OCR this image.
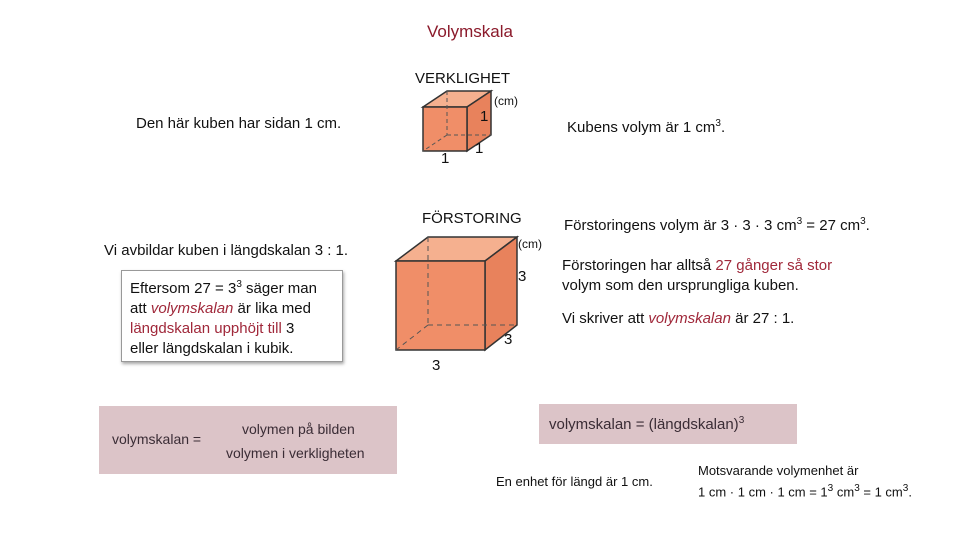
Volymskala
VERKLIGHET
(cm)
1
1
1
Den här kuben har sidan 1 cm.	Kubens volym är 1 $cm^3$.
FÖRSTORING
(cm)
3
3
3
Vi avbildar kuben i längdskalan 3 : 1.
Förstoringens volym är 3 · 3 · 3 $cm^3 = 27$ $cm^3$.
Förstoringen har alltså 27 gånger så stor
volym som den ursprungliga kuben.
Vi skriver att volymskalan är 27 : 1.
Eftersom $27 = 3^3$ säger man
att volymskalan är lika med
längdskalan upphöjt till 3
eller längdskalan i kubik.
volymskalan =
volymen på bilden
volymen i verkligheten
volymskalan = (längdskalan)$^3$
En enhet för längd är 1 cm.
Motsvarande volymenhet är
1 cm · 1 cm · 1 cm = $1^3$ $cm^3 = 1$ $cm^3$.
